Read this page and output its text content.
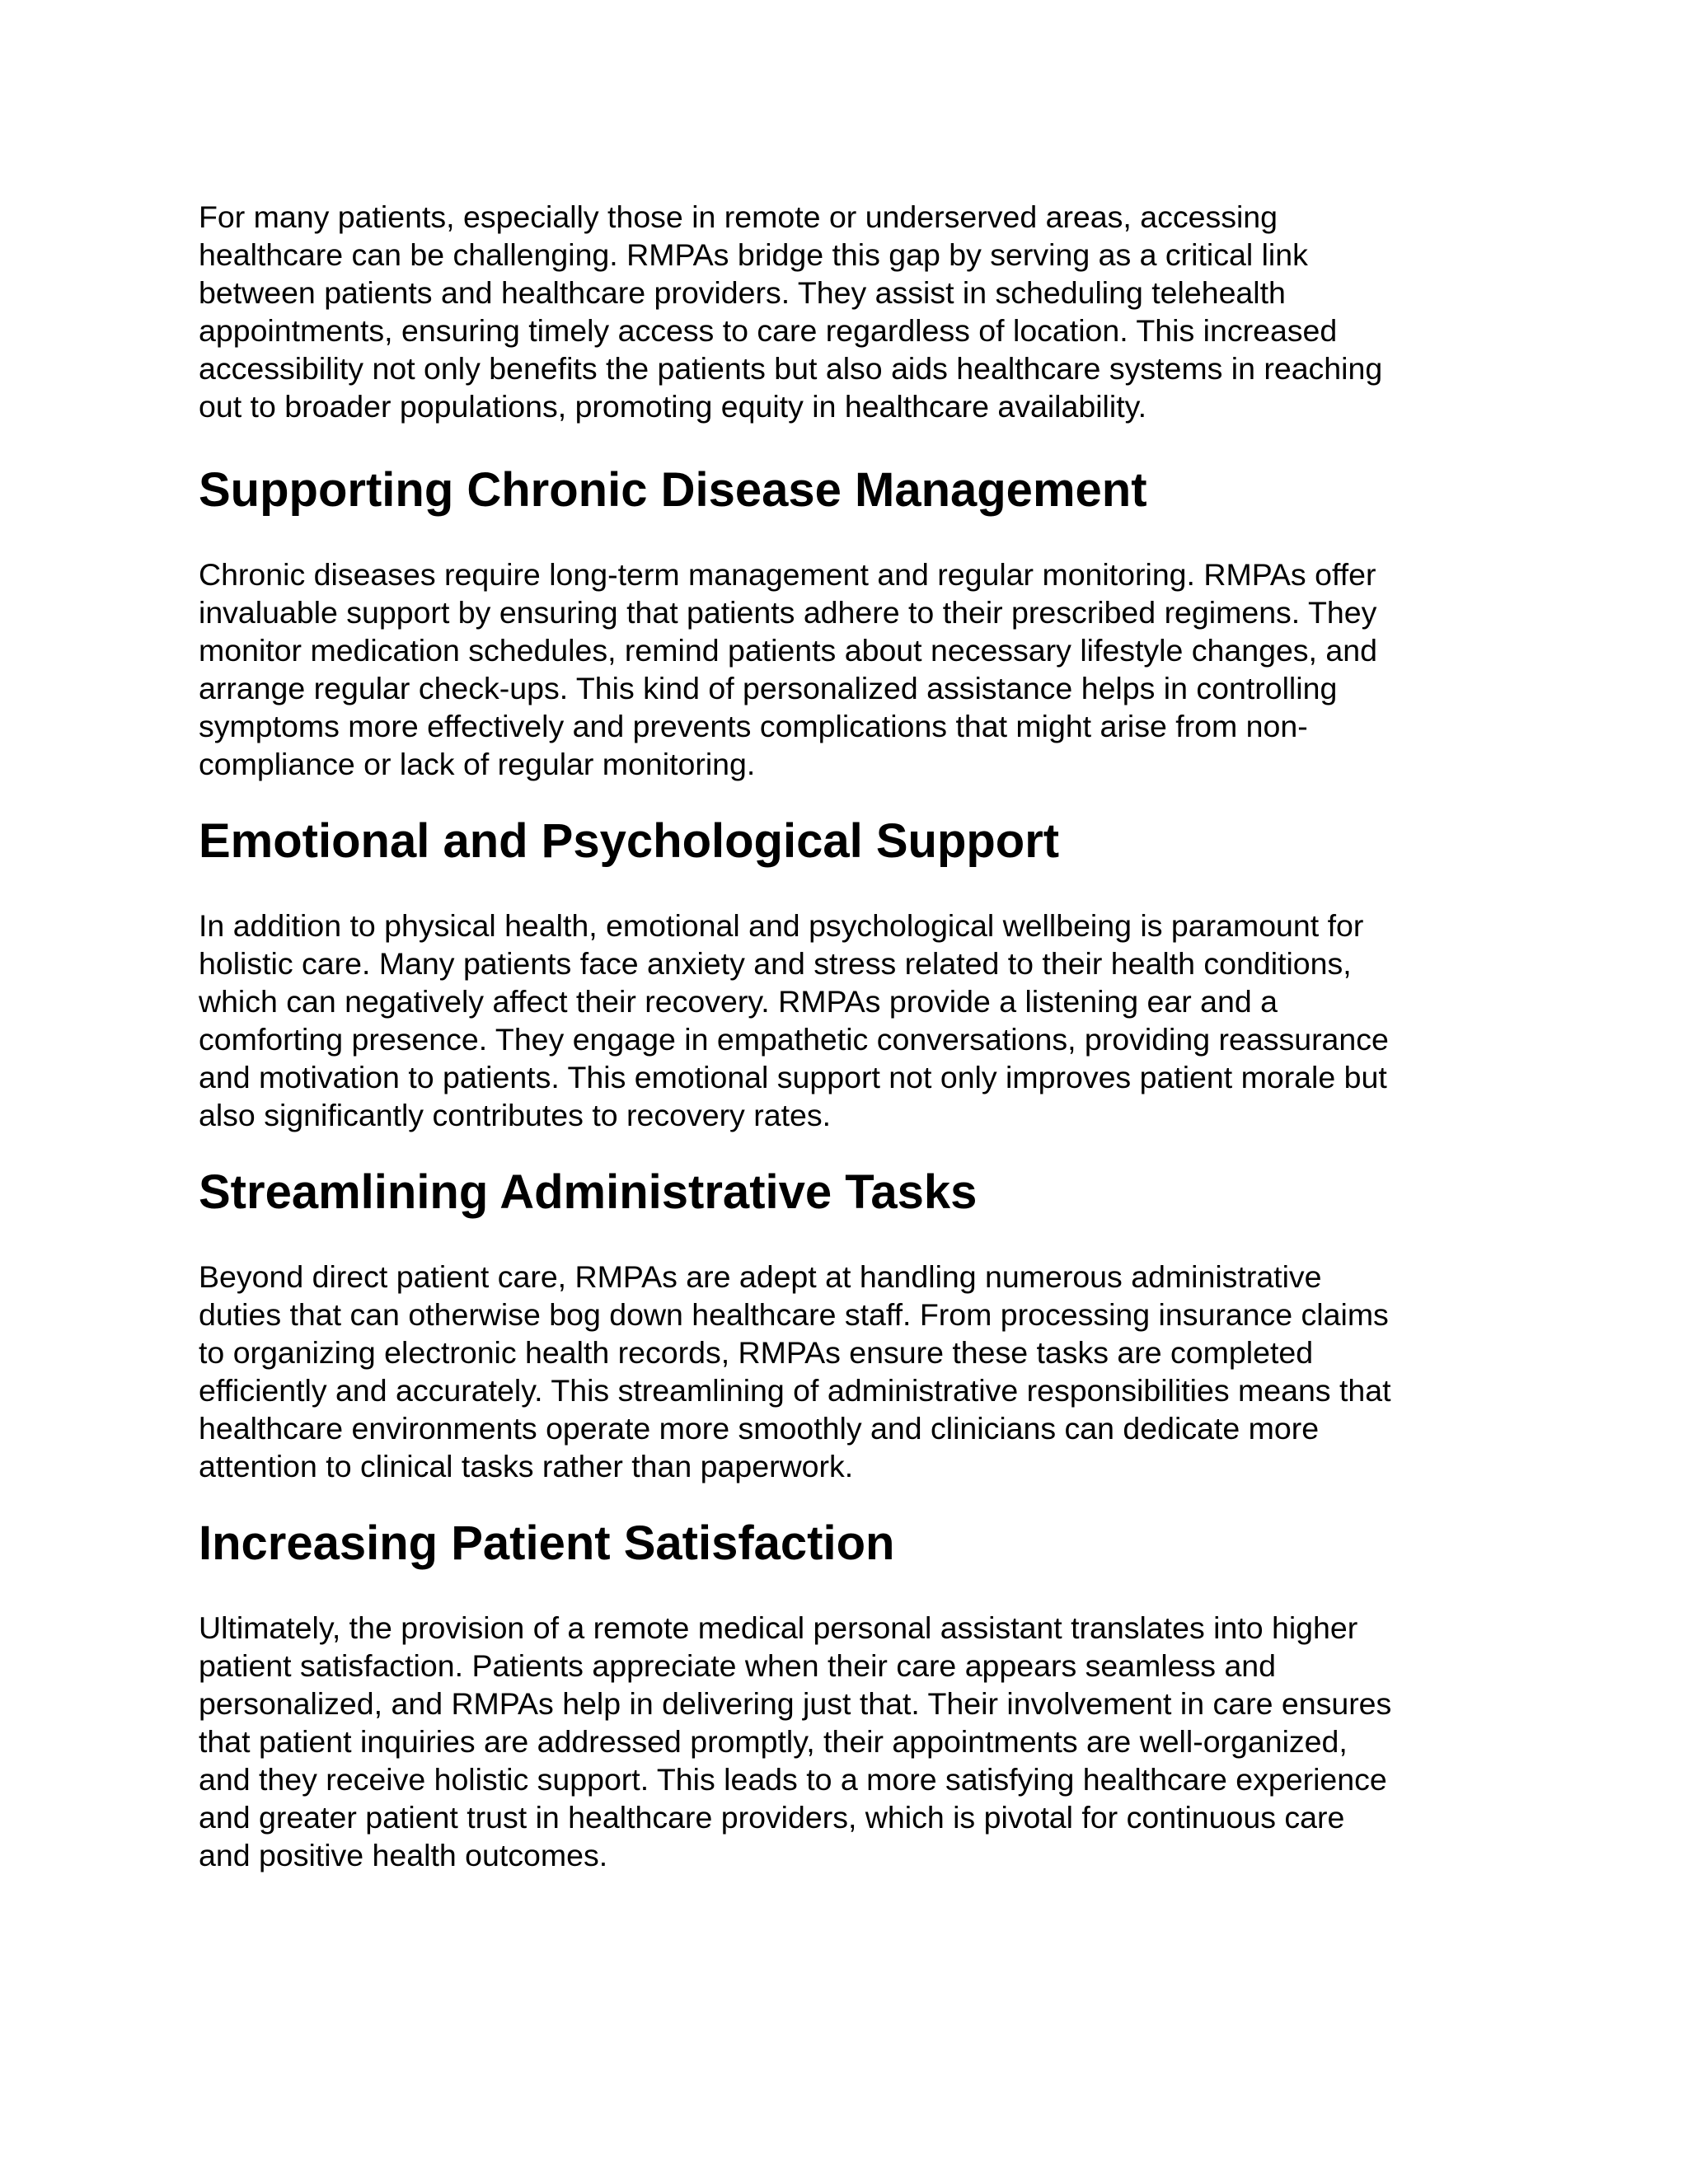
For many patients, especially those in remote or underserved areas, accessing
healthcare can be challenging. RMPAs bridge this gap by serving as a critical link
between patients and healthcare providers. They assist in scheduling telehealth
appointments, ensuring timely access to care regardless of location. This increased
accessibility not only benefits the patients but also aids healthcare systems in reaching
out to broader populations, promoting equity in healthcare availability.

Supporting Chronic Disease Management

Chronic diseases require long-term management and regular monitoring. RMPAs offer
invaluable support by ensuring that patients adhere to their prescribed regimens. They
monitor medication schedules, remind patients about necessary lifestyle changes, and
arrange regular check-ups. This kind of personalized assistance helps in controlling
symptoms more effectively and prevents complications that might arise from non-
compliance or lack of regular monitoring.

Emotional and Psychological Support

In addition to physical health, emotional and psychological wellbeing is paramount for
holistic care. Many patients face anxiety and stress related to their health conditions,
which can negatively affect their recovery. RMPAs provide a listening ear and a
comforting presence. They engage in empathetic conversations, providing reassurance
and motivation to patients. This emotional support not only improves patient morale but
also significantly contributes to recovery rates.

Streamlining Administrative Tasks

Beyond direct patient care, RMPAs are adept at handling numerous administrative
duties that can otherwise bog down healthcare staff. From processing insurance claims
to organizing electronic health records, RMPAs ensure these tasks are completed
efficiently and accurately. This streamlining of administrative responsibilities means that
healthcare environments operate more smoothly and clinicians can dedicate more
attention to clinical tasks rather than paperwork.

Increasing Patient Satisfaction

Ultimately, the provision of a remote medical personal assistant translates into higher
patient satisfaction. Patients appreciate when their care appears seamless and
personalized, and RMPAs help in delivering just that. Their involvement in care ensures
that patient inquiries are addressed promptly, their appointments are well-organized,
and they receive holistic support. This leads to a more satisfying healthcare experience
and greater patient trust in healthcare providers, which is pivotal for continuous care
and positive health outcomes.
